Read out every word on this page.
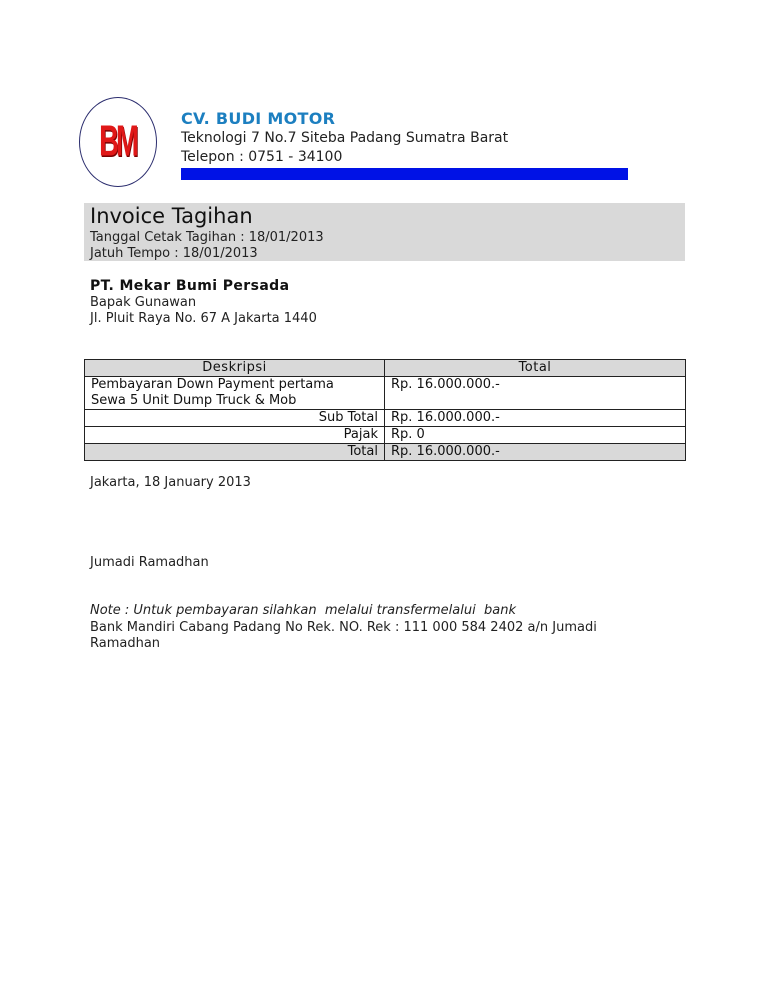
BM	CV. BUDI MOTOR
Teknologi 7 No.7 Siteba Padang Sumatra Barat
Telepon : 0751 - 34100
Invoice Tagihan
Tanggal Cetak Tagihan : 18/01/2013
Jatuh Tempo : 18/01/2013
PT. Mekar Bumi Persada
Bapak Gunawan
Jl. Pluit Raya No. 67 A Jakarta 1440
Deskripsi	Total

Pembayaran Down Payment pertama
Sewa 5 Unit Dump Truck & Mob	Rp. 16.000.000.-
Sub Total	Rp. 16.000.000.-
Pajak	Rp. 0
Total	Rp. 16.000.000.-
Jakarta, 18 January 2013
Jumadi Ramadhan
Note : Untuk pembayaran silahkan  melalui transfermelalui  bank
Bank Mandiri Cabang Padang No Rek. NO. Rek : 111 000 584 2402 a/n Jumadi Ramadhan
